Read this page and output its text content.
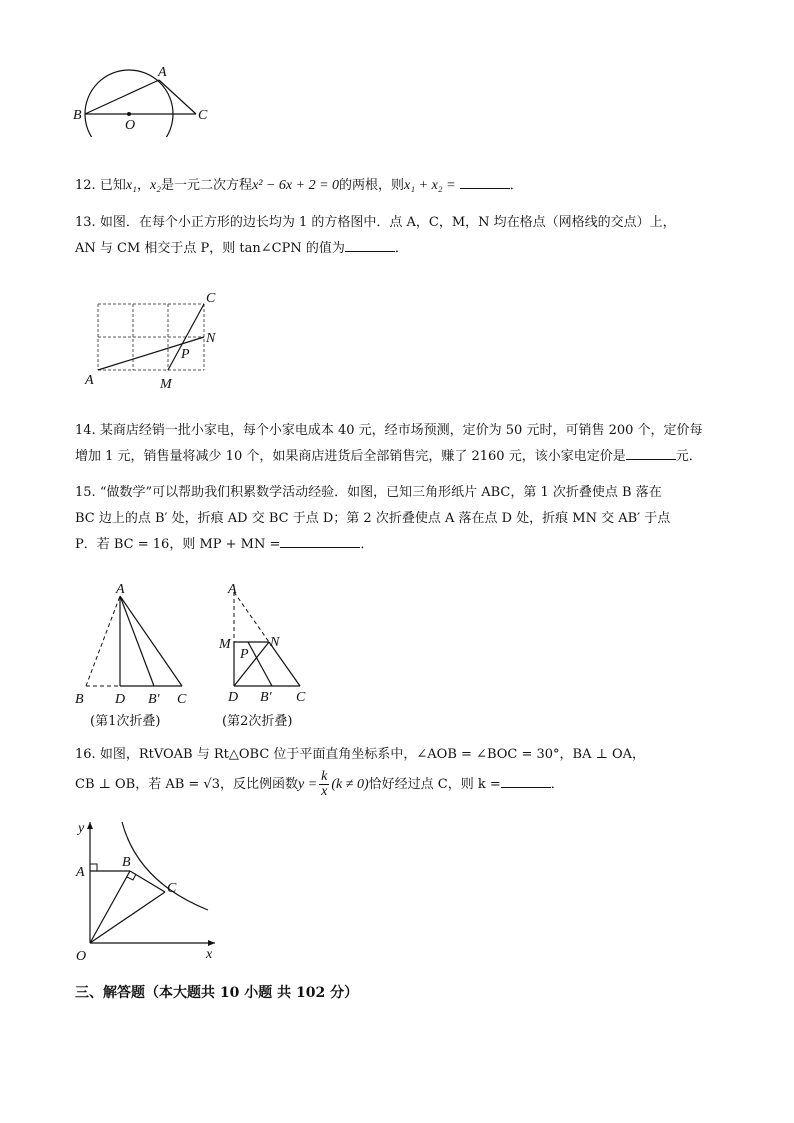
A
B
O
C

12. 已知x₁，x₂是一元二次方程x² − 6x + 2 = 0的两根，则x₁ + x₂ =	．

13. 如图．在每个小正方形的边长均为 1 的方格图中．点 A，C，M，N 均在格点（网格线的交点）上，

AN 与 CM 相交于点 P，则 tan∠CPN 的值为	．

C
N
P
A	M

14. 某商店经销一批小家电，每个小家电成本 40 元，经市场预测，定价为 50 元时，可销售 200 个，定价每

增加 1 元，销售量将减少 10 个，如果商店进货后全部销售完，赚了 2160 元，该小家电定价是	元．

15. “做数学”可以帮助我们积累数学活动经验．如图，已知三角形纸片 ABC，第 1 次折叠使点 B 落在

BC 边上的点 B′ 处，折痕 AD 交 BC 于点 D；第 2 次折叠使点 A 落在点 D 处，折痕 MN 交 AB′ 于点

P．若 BC = 16，则 MP + MN =	．

A
B D B′ C
(第1次折叠)
A
M	N
P
D B′ C
(第2次折叠)

16. 如图，RtVOAB 与 Rt△OBC 位于平面直角坐标系中，∠AOB = ∠BOC = 30°，BA ⊥ OA，

CB ⊥ OB，若 AB = √3，反比例函数$y = \frac{k}{x} (k \ne 0)$恰好经过点 C，则 k =	．

y
x
O
A
B
C
三、解答题（本大题共 10 小题 共 102 分）
